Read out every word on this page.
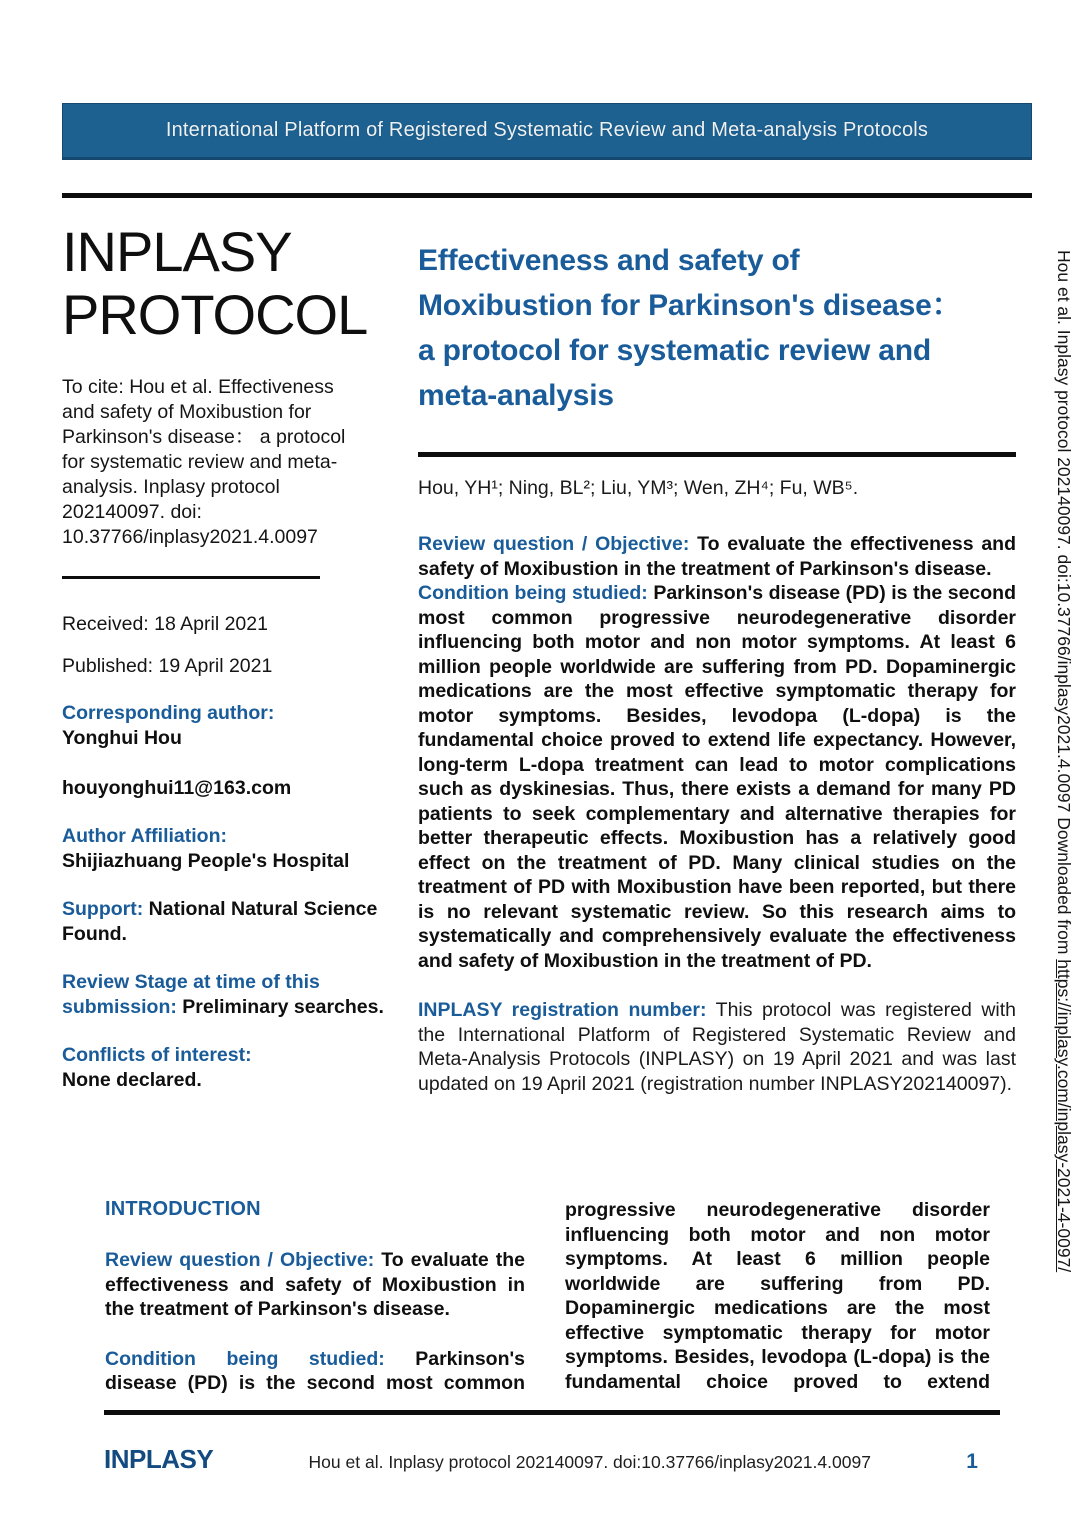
International Platform of Registered Systematic Review and Meta-analysis Protocols
INPLASY
PROTOCOL
To cite: Hou et al. Effectiveness and safety of Moxibustion for Parkinson's disease： a protocol for systematic review and meta-analysis. Inplasy protocol 202140097. doi: 10.37766/inplasy2021.4.0097
Received: 18 April 2021
Published: 19 April 2021
Corresponding author:
Yonghui Hou
houyonghui11@163.com
Author Affiliation:
Shijiazhuang People's Hospital
Support: National Natural Science Found.
Review Stage at time of this submission: Preliminary searches.
Conflicts of interest:
None declared.
Effectiveness and safety of Moxibustion for Parkinson's disease： a protocol for systematic review and meta-analysis
Hou, YH¹; Ning, BL²; Liu, YM³; Wen, ZH⁴; Fu, WB⁵.

Review question / Objective: To evaluate the effectiveness and safety of Moxibustion in the treatment of Parkinson's disease.

Condition being studied: Parkinson's disease (PD) is the second most common progressive neurodegenerative disorder influencing both motor and non motor symptoms. At least 6 million people worldwide are suffering from PD. Dopaminergic medications are the most effective symptomatic therapy for motor symptoms. Besides, levodopa (L-dopa) is the fundamental choice proved to extend life expectancy. However, long-term L-dopa treatment can lead to motor complications such as dyskinesias. Thus, there exists a demand for many PD patients to seek complementary and alternative therapies for better therapeutic effects. Moxibustion has a relatively good effect on the treatment of PD. Many clinical studies on the treatment of PD with Moxibustion have been reported, but there is no relevant systematic review. So this research aims to systematically and comprehensively evaluate the effectiveness and safety of Moxibustion in the treatment of PD.

INPLASY registration number: This protocol was registered with the International Platform of Registered Systematic Review and Meta-Analysis Protocols (INPLASY) on 19 April 2021 and was last updated on 19 April 2021 (registration number INPLASY202140097).

INTRODUCTION

Review question / Objective: To evaluate the effectiveness and safety of Moxibustion in the treatment of Parkinson's disease.

Condition being studied: Parkinson's disease (PD) is the second most common

progressive neurodegenerative disorder influencing both motor and non motor symptoms. At least 6 million people worldwide are suffering from PD. Dopaminergic medications are the most effective symptomatic therapy for motor symptoms. Besides, levodopa (L-dopa) is the fundamental choice proved to extend

INPLASY	Hou et al. Inplasy protocol 202140097. doi:10.37766/inplasy2021.4.0097	1
Hou et al. Inplasy protocol 202140097. doi:10.37766/inplasy2021.4.0097 Downloaded from https://inplasy.com/inplasy-2021-4-0097/
